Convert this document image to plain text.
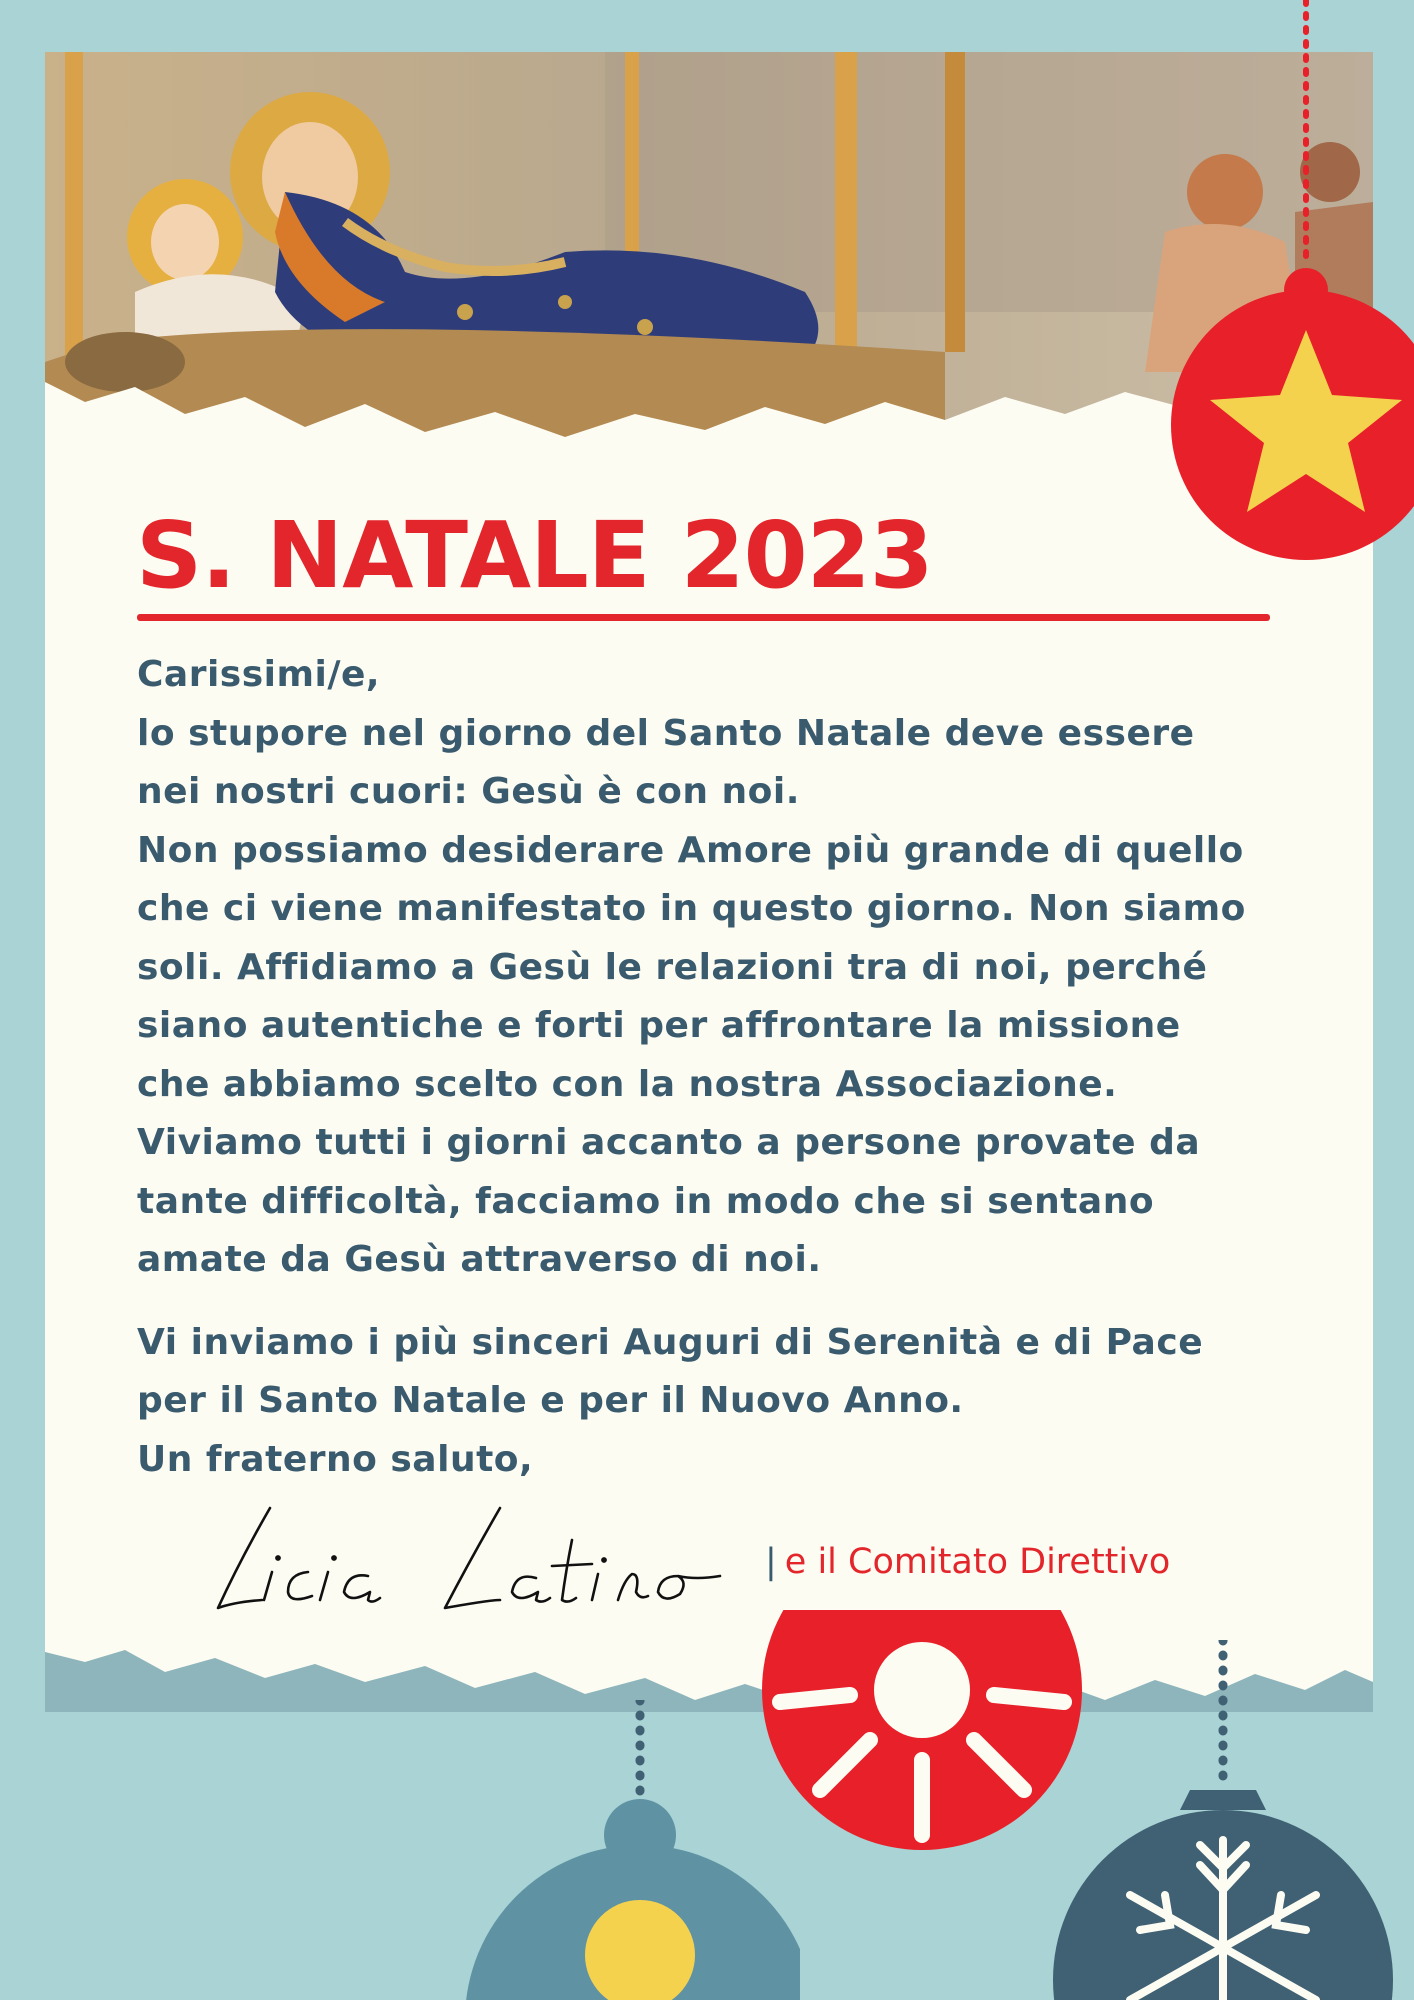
S. NATALE 2023

Carissimi/e,
lo stupore nel giorno del Santo Natale deve essere
nei nostri cuori: Gesù è con noi.
Non possiamo desiderare Amore più grande di quello
che ci viene manifestato in questo giorno. Non siamo
soli. Affidiamo a Gesù le relazioni tra di noi, perché
siano autentiche e forti per affrontare la missione
che abbiamo scelto con la nostra Associazione.
Viviamo tutti i giorni accanto a persone provate da
tante difficoltà, facciamo in modo che si sentano
amate da Gesù attraverso di noi.

Vi inviamo i più sinceri Auguri di Serenità e di Pace
per il Santo Natale e per il Nuovo Anno.
Un fraterno saluto,

| e il Comitato Direttivo
